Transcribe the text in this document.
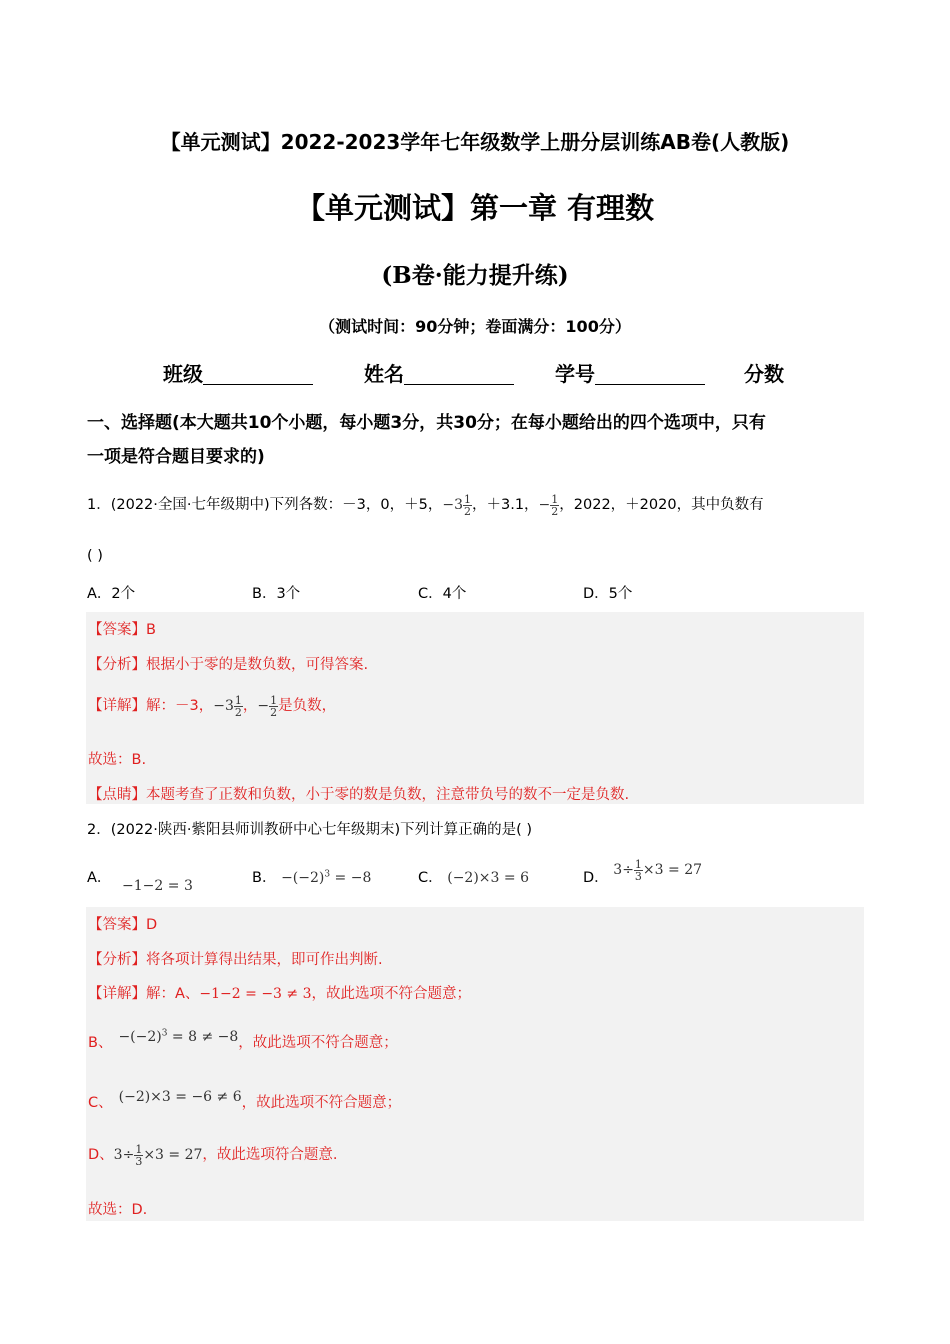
【单元测试】2022-2023学年七年级数学上册分层训练AB卷(人教版)
【单元测试】第一章 有理数
(B卷·能力提升练)
（测试时间：90分钟；卷面满分：100分）
班级	姓名	学号	分数
一、选择题(本大题共10个小题，每小题3分，共30分；在每小题给出的四个选项中，只有
一项是符合题目要求的)
1．(2022·全国·七年级期中)下列各数：－3，0，＋5，$-3 \frac{1}{2}$ ，＋3.1，− $\frac{1}{2}$ ，2022，＋2020，其中负数有
( )
A．2个	B．3个	C．4个	D．5个
【答案】B
【分析】根据小于零的是数负数，可得答案.
【详解】解：－3，$-3 \frac{1}{2}$ ，− $\frac{1}{2}$ 是负数，
故选：B.
【点睛】本题考查了正数和负数，小于零的数是负数，注意带负号的数不一定是负数.
2．(2022·陕西·紫阳县师训教研中心七年级期末)下列计算正确的是( )
A． −1−2 = 3	B． $-(-2)^3 = -8$	C． (−2)×3 = 6	D． $3\div \frac{1}{3} \times 3 = 27$
【答案】D
【分析】将各项计算得出结果，即可作出判断.
【详解】解：A、−1−2 = −3 ≠ 3，故此选项不符合题意；
B、 $-(-2)^3 = 8 \ne -8$，故此选项不符合题意；
C、 (−2)×3 = −6 ≠ 6，故此选项不符合题意；
D、$3\div \frac{1}{3} \times 3 = 27$，故此选项符合题意.
故选：D.
